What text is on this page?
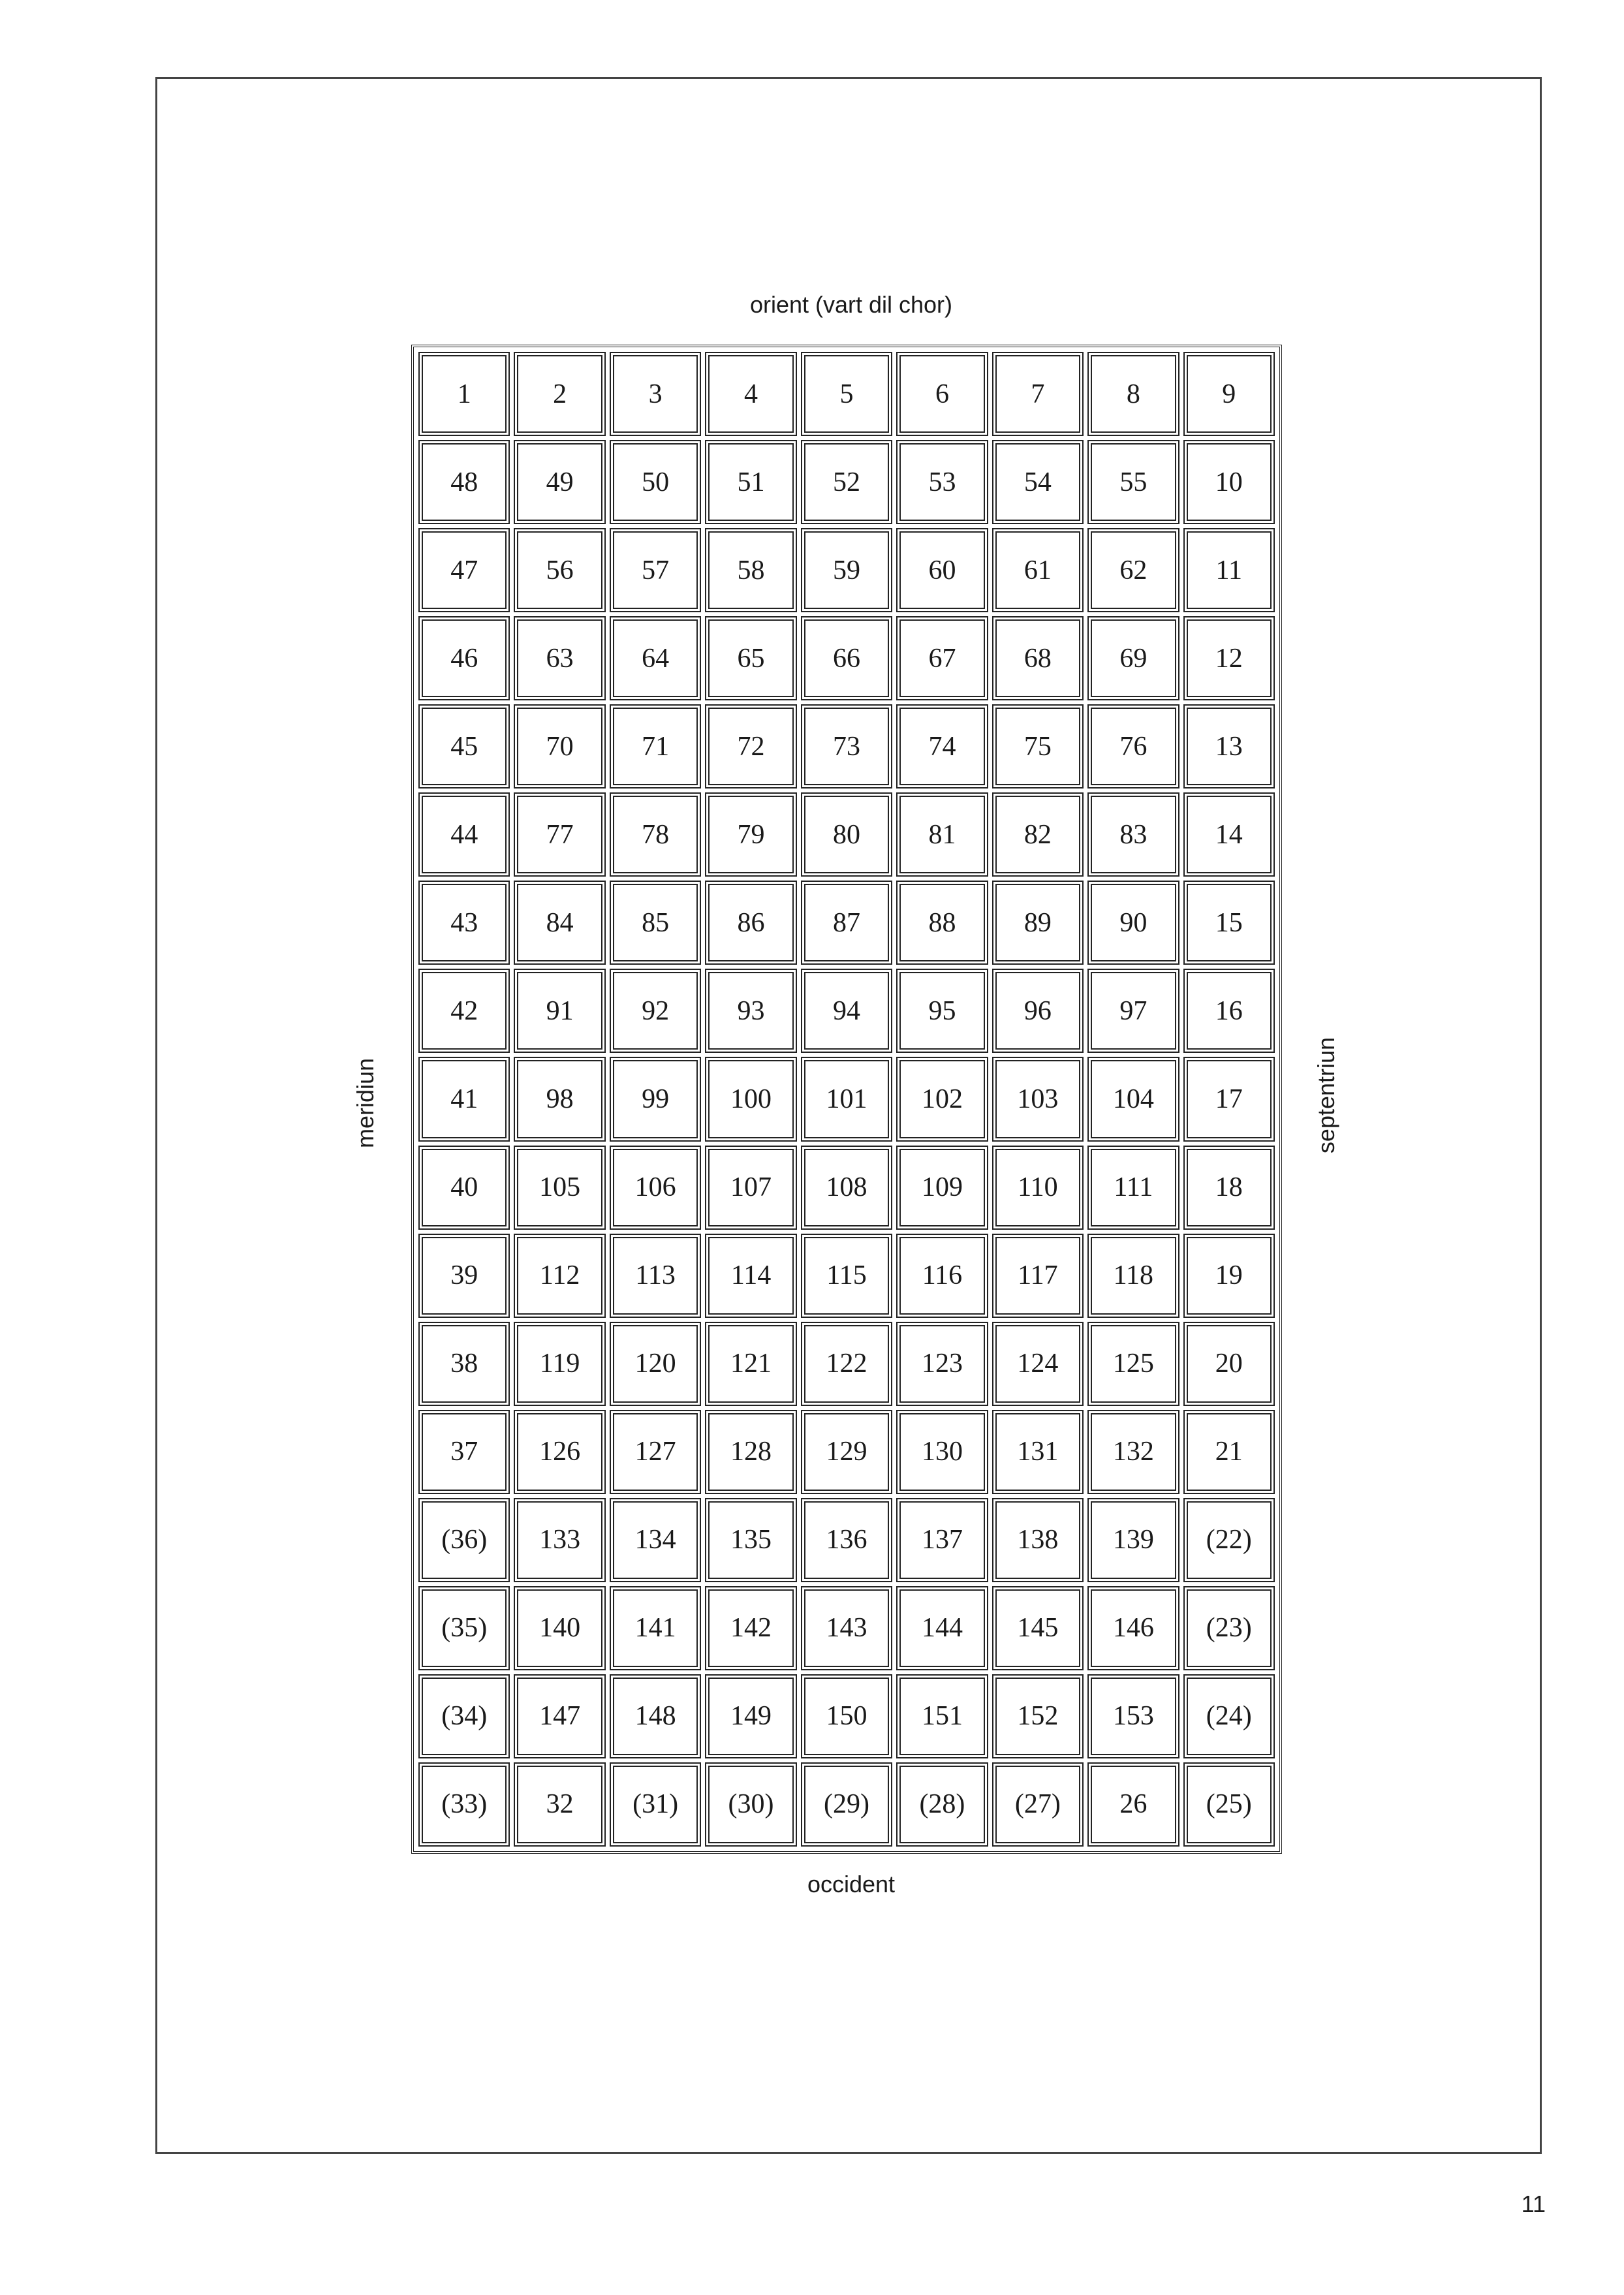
orient (vart dil chor)
occident
meridiun	septentriun
1	2	3	4	5	6	7	8	9
48	49	50	51	52	53	54	55	10
47	56	57	58	59	60	61	62	11
46	63	64	65	66	67	68	69	12
45	70	71	72	73	74	75	76	13
44	77	78	79	80	81	82	83	14
43	84	85	86	87	88	89	90	15
42	91	92	93	94	95	96	97	16
41	98	99	100	101	102	103	104	17
40	105	106	107	108	109	110	111	18
39	112	113	114	115	116	117	118	19
38	119	120	121	122	123	124	125	20
37	126	127	128	129	130	131	132	21
(36)	133	134	135	136	137	138	139	(22)
(35)	140	141	142	143	144	145	146	(23)
(34)	147	148	149	150	151	152	153	(24)
(33)	32	(31)	(30)	(29)	(28)	(27)	26	(25)
11
